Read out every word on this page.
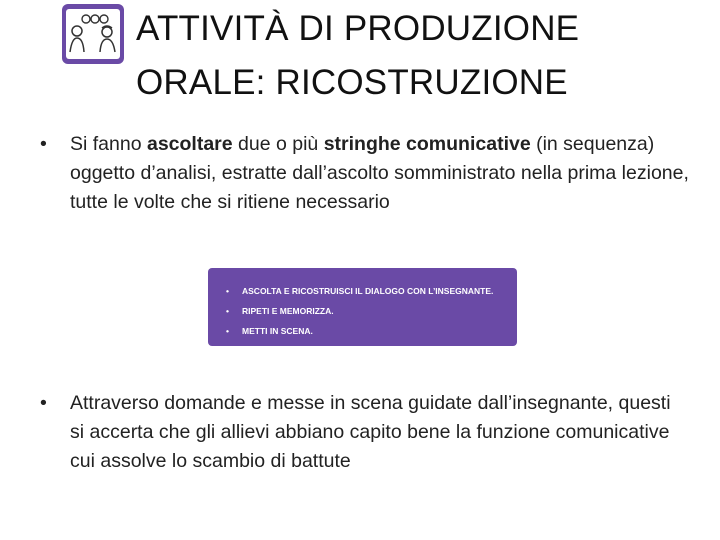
ATTIVITÀ DI PRODUZIONE
ORALE: RICOSTRUZIONE
•	Si fanno ascoltare due o più stringhe comunicative (in sequenza) oggetto d’analisi, estratte dall’ascolto somministrato nella prima lezione, tutte le volte che si ritiene necessario
• ASCOLTA E RICOSTRUISCI IL DIALOGO CON L’INSEGNANTE.
• RIPETI E MEMORIZZA.
• METTI IN SCENA.
•	Attraverso domande e messe in scena guidate dall’insegnante, questi si accerta che gli allievi abbiano capito bene la funzione comunicative cui assolve lo scambio di battute
